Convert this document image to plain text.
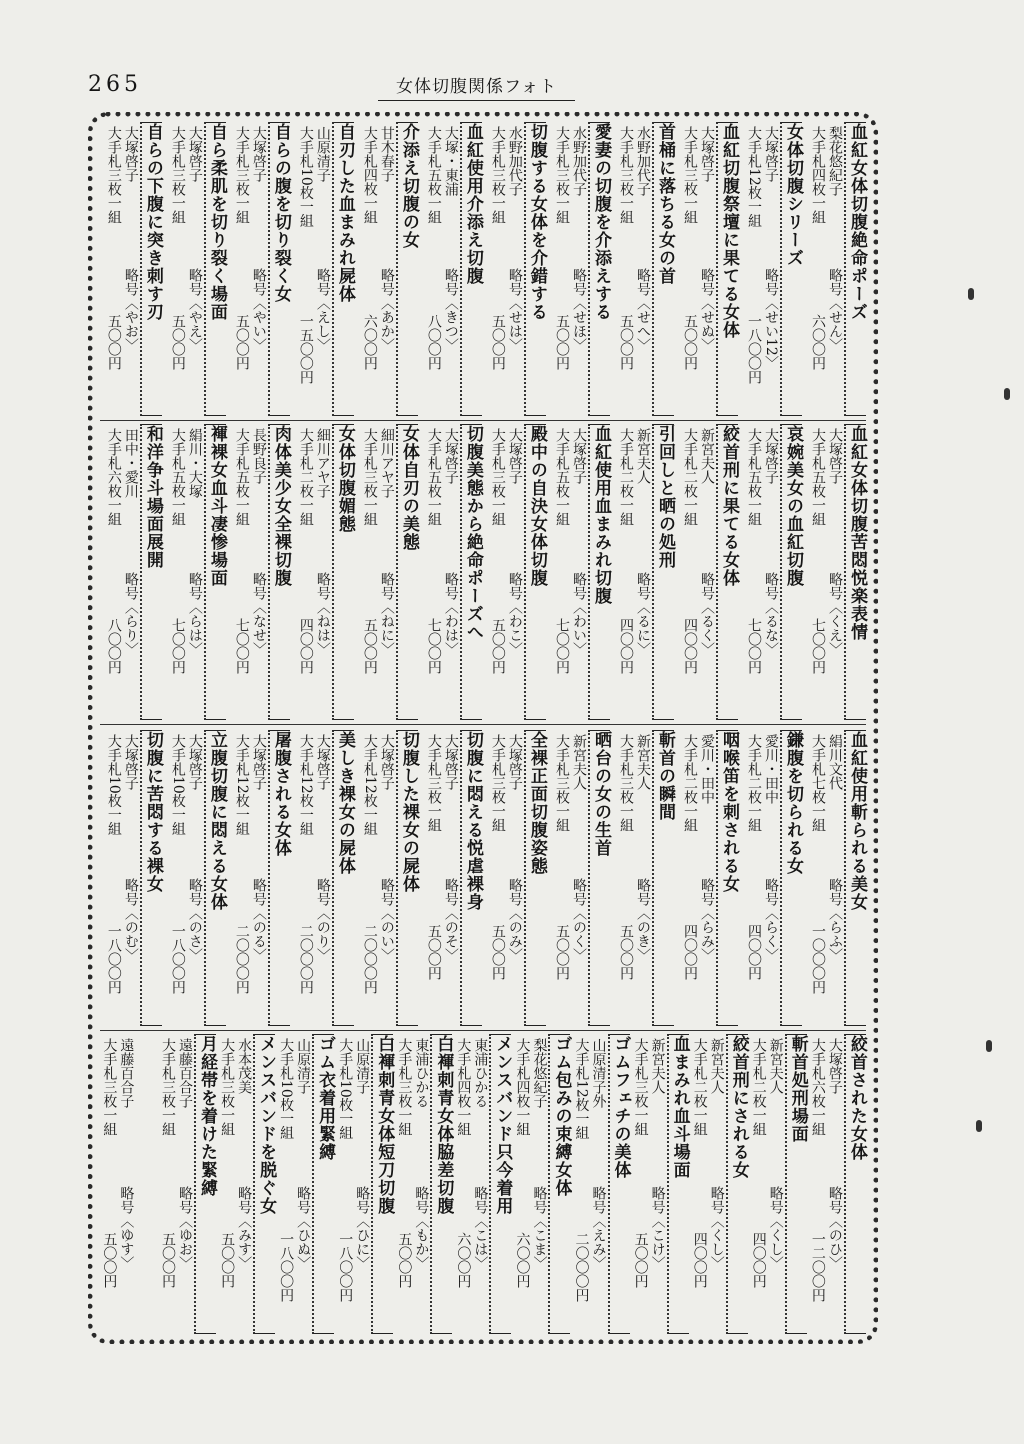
265	女体切腹関係フォト
血紅女体切腹絶命ポーズ
大手札四枚一組 梨花悠紀子
略号〈せん〉
六〇〇円
女体切腹シリーズ
大手札12枚一組 大塚啓子
略号〈せい12〉
一八〇〇円
血紅切腹祭壇に果てる女体
大手札三枚一組 大塚啓子
略号〈せぬ〉
五〇〇円
首桶に落ちる女の首
大手札三枚一組 水野加代子
略号〈せへ〉
五〇〇円
愛妻の切腹を介添えする
大手札三枚一組 水野加代子
略号〈せほ〉
五〇〇円
切腹する女体を介錯する
大手札三枚一組 水野加代子
略号〈せは〉
五〇〇円
血紅使用介添え切腹
大手札五枚一組 大塚・東浦
略号〈きつ〉
八〇〇円
介添え切腹の女
大手札四枚一組 甘木春子
略号〈あか〉
六〇〇円
自刃した血まみれ屍体
大手札10枚一組 山原清子
略号〈えし〉
一五〇〇円
自らの腹を切り裂く女
大手札三枚一組 大塚啓子
略号〈やい〉
五〇〇円
自ら柔肌を切り裂く場面
大手札三枚一組 大塚啓子
略号〈やえ〉
五〇〇円
自らの下腹に突き刺す刃
大手札三枚一組 大塚啓子
略号〈やお〉
五〇〇円
血紅女体切腹苦悶悦楽表情
大手札五枚一組 大塚啓子
略号〈くえ〉
七〇〇円
哀婉美女の血紅切腹
大手札五枚一組 大塚啓子
略号〈るな〉
七〇〇円
絞首刑に果てる女体
大手札二枚一組 新宮夫人
略号〈るく〉
四〇〇円
引回しと晒の処刑
大手札二枚一組 新宮夫人
略号〈るに〉
四〇〇円
血紅使用血まみれ切腹
大手札五枚一組 大塚啓子
略号〈わい〉
七〇〇円
殿中の自決女体切腹
大手札三枚一組 大塚啓子
略号〈わこ〉
五〇〇円
切腹美態から絶命ポーズへ
大手札五枚一組 大塚啓子
略号〈わは〉
七〇〇円
女体自刃の美態
大手札三枚一組 細川アヤ子
略号〈ねに〉
五〇〇円
女体切腹媚態
大手札二枚一組 細川アヤ子
略号〈ねは〉
四〇〇円
肉体美少女全裸切腹
大手札五枚一組 長野良子
略号〈なせ〉
七〇〇円
褌裸女血斗凄惨場面
大手札五枚一組 絹川・大塚
略号〈らは〉
七〇〇円
和洋争斗場面展開
大手札六枚一組 田中・愛川
略号〈らり〉
八〇〇円
血紅使用斬られる美女
大手札七枚一組 絹川文代
略号〈らふ〉
一〇〇〇円
鎌腹を切られる女
大手札二枚一組 愛川・田中
略号〈らく〉
四〇〇円
咽喉笛を刺される女
大手札二枚一組 愛川・田中
略号〈らみ〉
四〇〇円
斬首の瞬間
大手札三枚一組 新宮夫人
略号〈のき〉
五〇〇円
晒台の女の生首
大手札三枚一組 新宮夫人
略号〈のく〉
五〇〇円
全裸正面切腹姿態
大手札三枚一組 大塚啓子
略号〈のみ〉
五〇〇円
切腹に悶える悦虐裸身
大手札三枚一組 大塚啓子
略号〈のそ〉
五〇〇円
切腹した裸女の屍体
大手札12枚一組 大塚啓子
略号〈のい〉
二〇〇〇円
美しき裸女の屍体
大手札12枚一組 大塚啓子
略号〈のり〉
二〇〇〇円
屠腹される女体
大手札12枚一組 大塚啓子
略号〈のる〉
二〇〇〇円
立腹切腹に悶える女体
大手札10枚一組 大塚啓子
略号〈のさ〉
一八〇〇円
切腹に苦悶する裸女
大手札10枚一組 大塚啓子
略号〈のむ〉
一八〇〇円
絞首された女体
大手札六枚一組 大塚啓子
略号〈のひ〉
一二〇〇円
斬首処刑場面
大手札二枚一組 新宮夫人
略号〈くし〉
四〇〇円
絞首刑にされる女
大手札二枚一組 新宮夫人
略号〈くし〉
四〇〇円
血まみれ血斗場面
大手札三枚一組 新宮夫人
略号〈こけ〉
五〇〇円
ゴムフェチの美体
大手札12枚一組 山原清子外
略号〈えみ〉
二〇〇〇円
ゴム包みの束縛女体
大手札四枚一組 梨花悠紀子
略号〈こま〉
六〇〇円
メンスバンド只今着用
大手札四枚一組 東浦ひかる
略号〈こは〉
六〇〇円
白褌刺青女体脇差切腹
大手札三枚一組 東浦ひかる
略号〈もか〉
五〇〇円
白褌刺青女体短刀切腹
大手札10枚一組 山原清子
略号〈ひに〉
一八〇〇円
ゴム衣着用緊縛
大手札10枚一組 山原清子
略号〈ひぬ〉
一八〇〇円
メンスバンドを脱ぐ女
大手札三枚一組 水本茂美
略号〈みす〉
五〇〇円
月経帯を着けた緊縛
大手札三枚一組 遠藤百合子
略号〈ゆお〉
五〇〇円
大手札三枚一組 遠藤百合子
略号〈ゆす〉
五〇〇円
